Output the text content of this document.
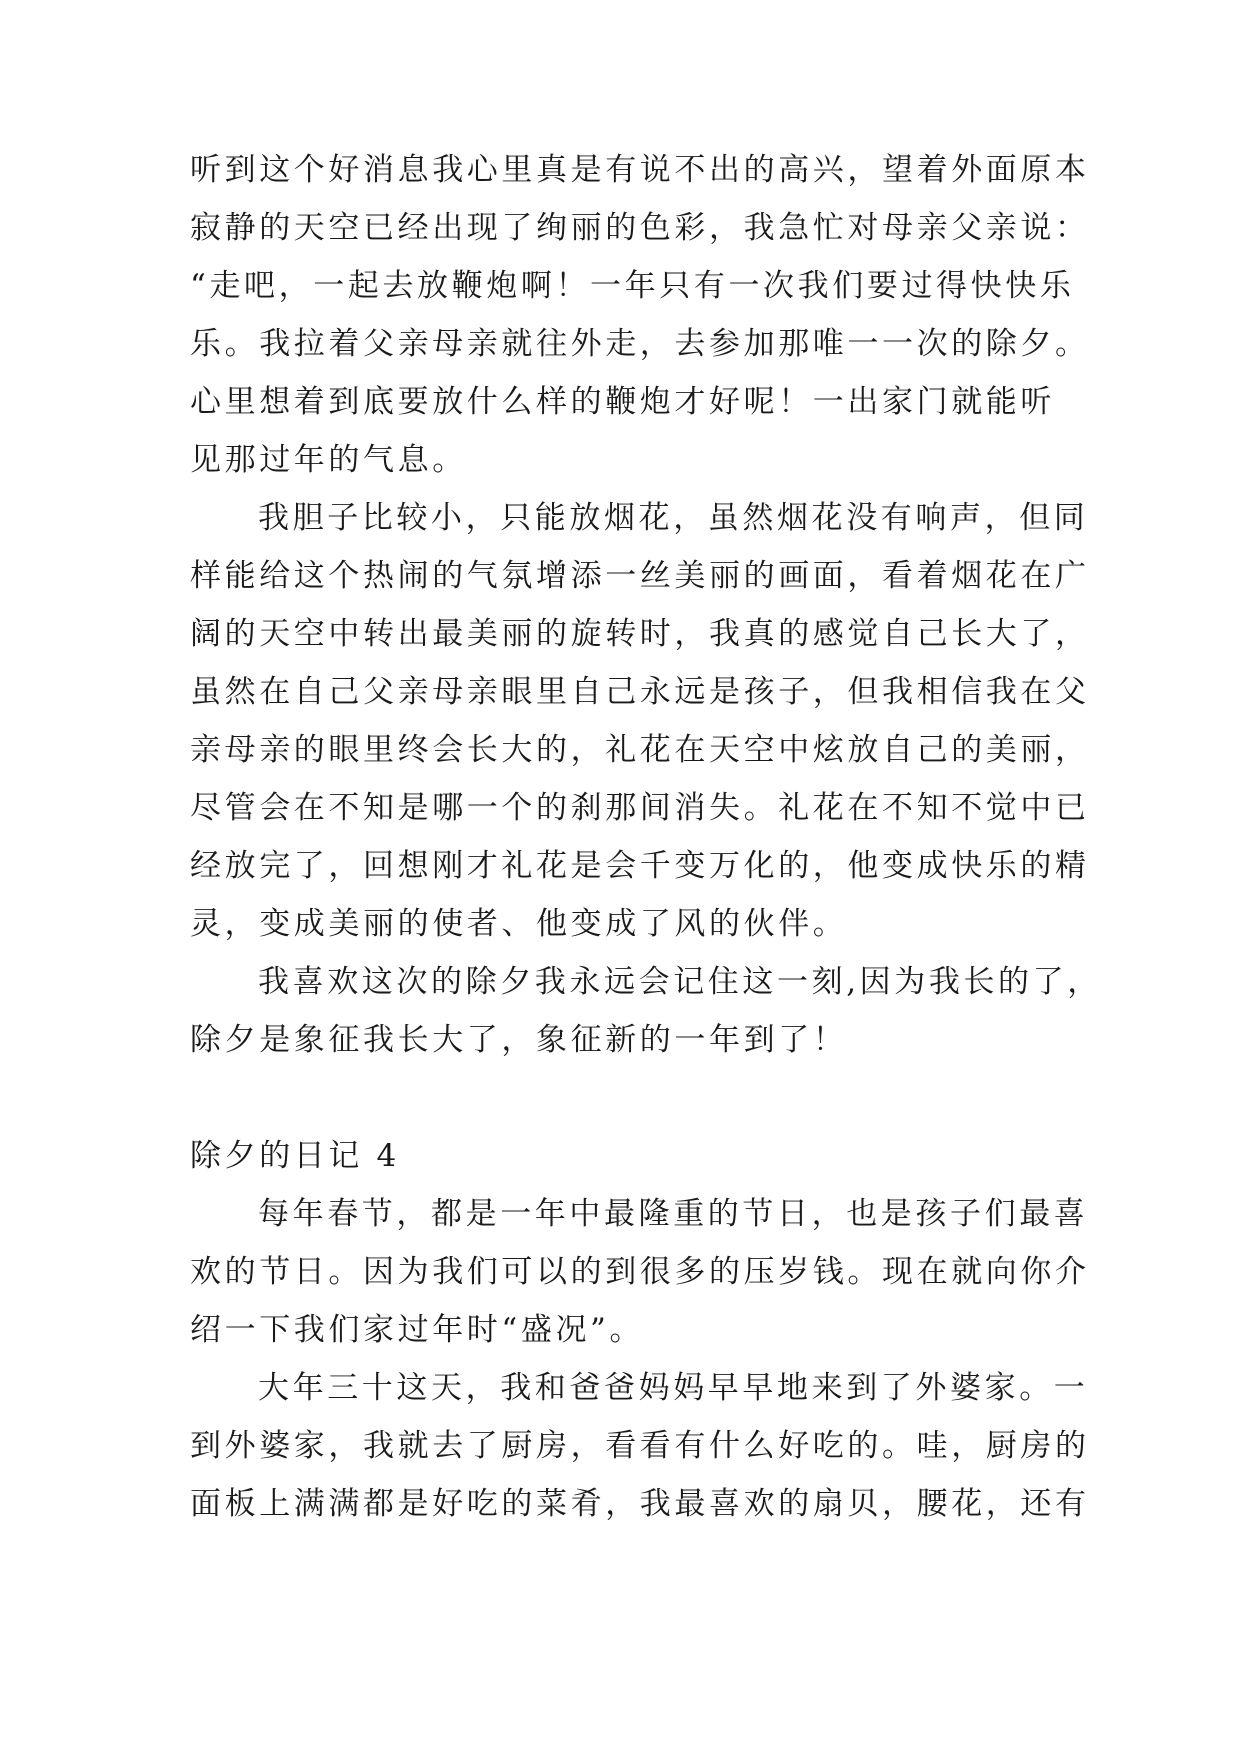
听到这个好消息我心里真是有说不出的高兴，望着外面原本
寂静的天空已经出现了绚丽的色彩，我急忙对母亲父亲说：
“走吧，一起去放鞭炮啊！一年只有一次我们要过得快快乐
乐。我拉着父亲母亲就往外走，去参加那唯一一次的除夕。
心里想着到底要放什么样的鞭炮才好呢！一出家门就能听
见那过年的气息。
我胆子比较小，只能放烟花，虽然烟花没有响声，但同
样能给这个热闹的气氛增添一丝美丽的画面，看着烟花在广
阔的天空中转出最美丽的旋转时，我真的感觉自己长大了，
虽然在自己父亲母亲眼里自己永远是孩子，但我相信我在父
亲母亲的眼里终会长大的，礼花在天空中炫放自己的美丽，
尽管会在不知是哪一个的刹那间消失。礼花在不知不觉中已
经放完了，回想刚才礼花是会千变万化的，他变成快乐的精
灵，变成美丽的使者、他变成了风的伙伴。
我喜欢这次的除夕我永远会记住这一刻,因为我长的了，
除夕是象征我长大了，象征新的一年到了！
除夕的日记 4
每年春节，都是一年中最隆重的节日，也是孩子们最喜
欢的节日。因为我们可以的到很多的压岁钱。现在就向你介
绍一下我们家过年时“盛况”。
大年三十这天，我和爸爸妈妈早早地来到了外婆家。一
到外婆家，我就去了厨房，看看有什么好吃的。哇，厨房的
面板上满满都是好吃的菜肴，我最喜欢的扇贝，腰花，还有
